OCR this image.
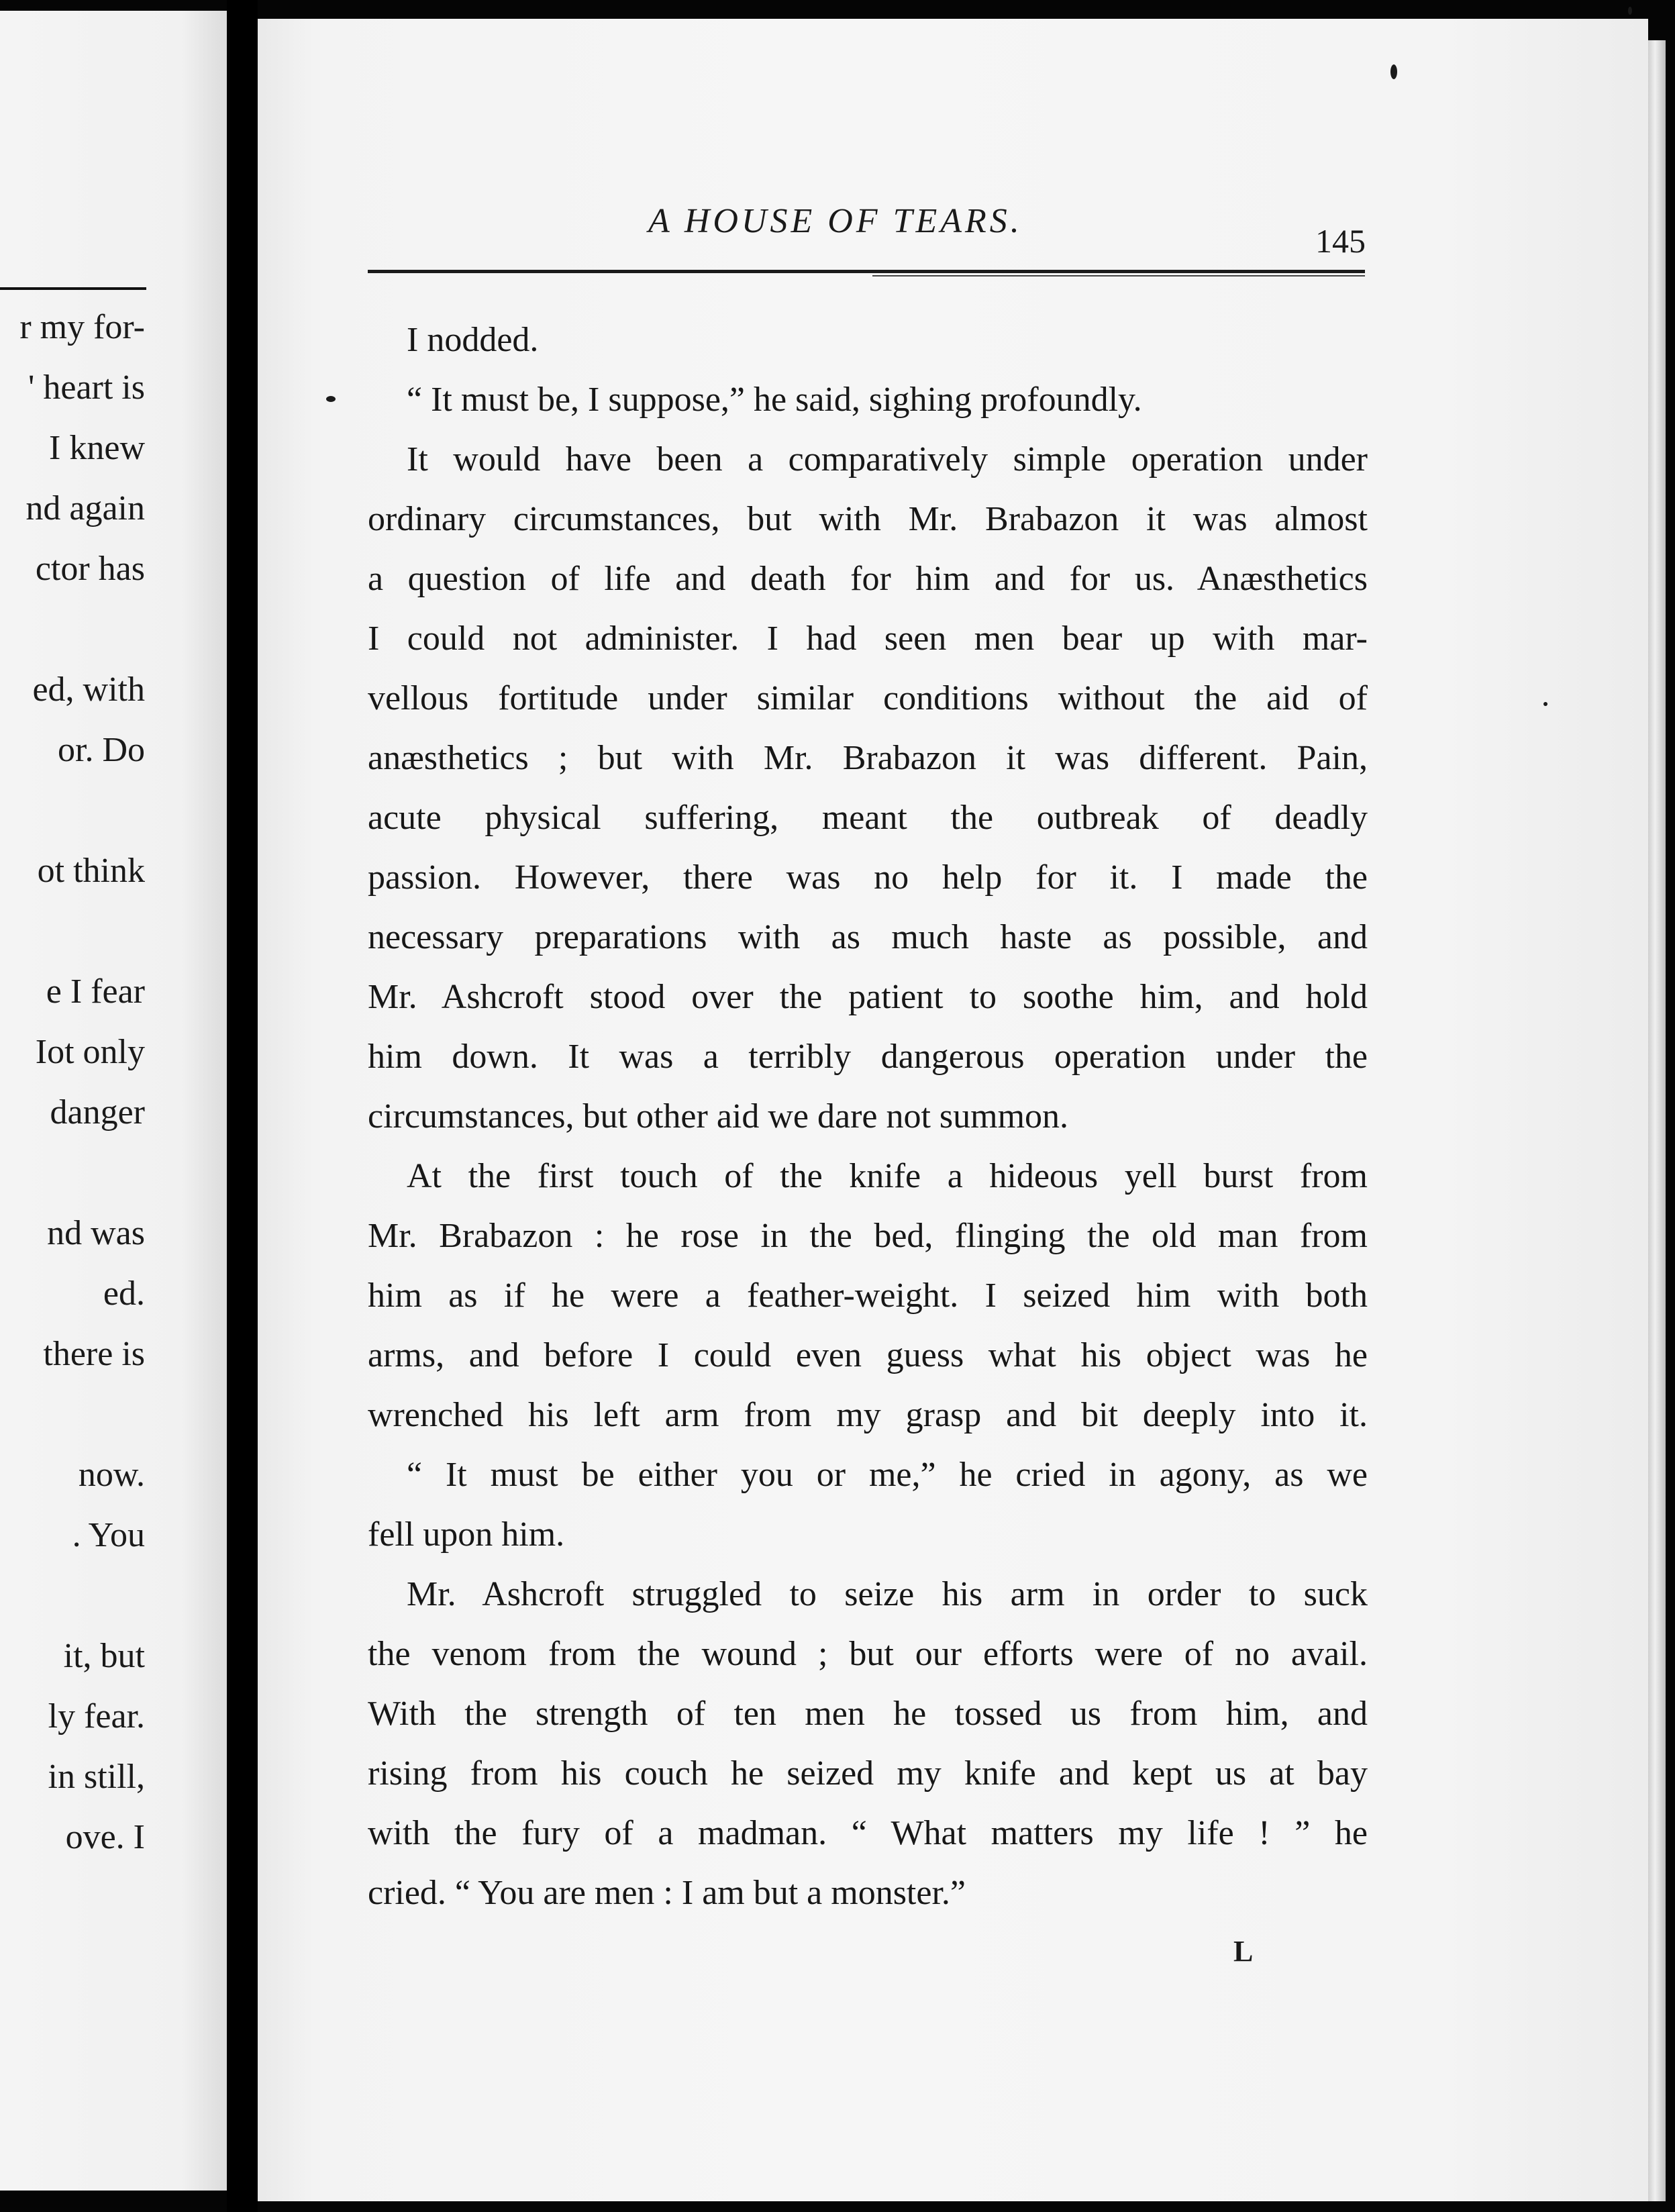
r my for-
' heart is
I knew
nd again
ctor has
ed, with
or. Do
ot think
e I fear
Iot only
danger
nd was
ed.
there is
now.
. You
it, but
ly fear.
in still,
ove. I
A HOUSE OF TEARS.
145
I nodded.
“ It must be, I suppose,” he said, sighing profoundly.
It would have been a comparatively simple operation under
ordinary circumstances, but with Mr. Brabazon it was almost
a question of life and death for him and for us. Anæsthetics
I could not administer. I had seen men bear up with mar-
vellous fortitude under similar conditions without the aid of
anæsthetics ; but with Mr. Brabazon it was different. Pain,
acute physical suffering, meant the outbreak of deadly
passion. However, there was no help for it. I made the
necessary preparations with as much haste as possible, and
Mr. Ashcroft stood over the patient to soothe him, and hold
him down. It was a terribly dangerous operation under the
circumstances, but other aid we dare not summon.
At the first touch of the knife a hideous yell burst from
Mr. Brabazon : he rose in the bed, flinging the old man from
him as if he were a feather-weight. I seized him with both
arms, and before I could even guess what his object was he
wrenched his left arm from my grasp and bit deeply into it.
“ It must be either you or me,” he cried in agony, as we
fell upon him.
Mr. Ashcroft struggled to seize his arm in order to suck
the venom from the wound ; but our efforts were of no avail.
With the strength of ten men he tossed us from him, and
rising from his couch he seized my knife and kept us at bay
with the fury of a madman. “ What matters my life ! ” he
cried. “ You are men : I am but a monster.”
L
